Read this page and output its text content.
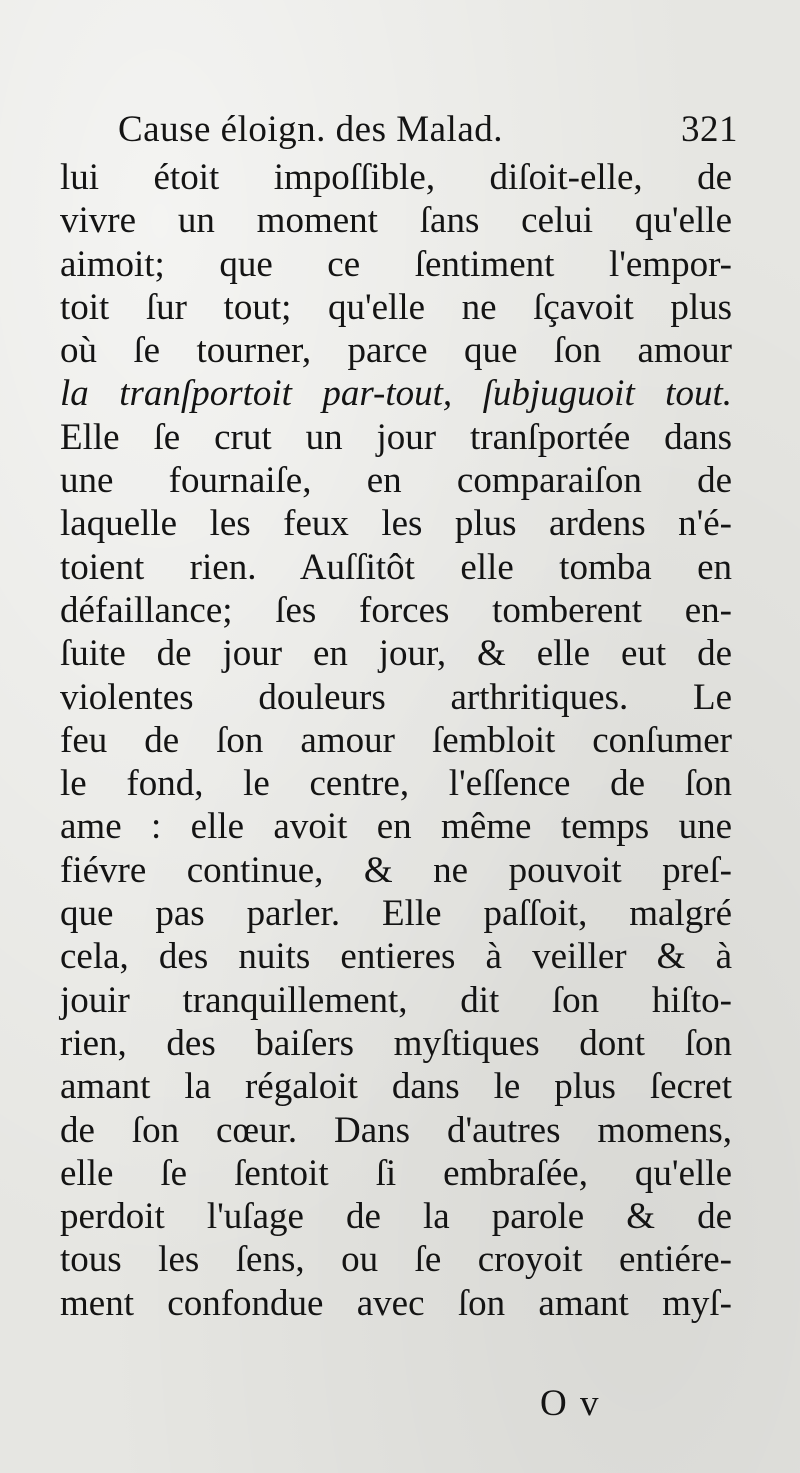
Cause éloign. des Malad.	321
lui étoit impoſſible, diſoit-elle, de
vivre un moment ſans celui qu'elle
aimoit; que ce ſentiment l'empor-
toit ſur tout; qu'elle ne ſçavoit plus
où ſe tourner, parce que ſon amour
la tranſportoit par-tout, ſubjuguoit tout.
Elle ſe crut un jour tranſportée dans
une fournaiſe, en comparaiſon de
laquelle les feux les plus ardens n'é-
toient rien. Auſſitôt elle tomba en
défaillance; ſes forces tomberent en-
ſuite de jour en jour, & elle eut de
violentes douleurs arthritiques. Le
feu de ſon amour ſembloit conſumer
le fond, le centre, l'eſſence de ſon
ame : elle avoit en même temps une
fiévre continue, & ne pouvoit preſ-
que pas parler. Elle paſſoit, malgré
cela, des nuits entieres à veiller & à
jouir tranquillement, dit ſon hiſto-
rien, des baiſers myſtiques dont ſon
amant la régaloit dans le plus ſecret
de ſon cœur. Dans d'autres momens,
elle ſe ſentoit ſi embraſée, qu'elle
perdoit l'uſage de la parole & de
tous les ſens, ou ſe croyoit entiére-
ment confondue avec ſon amant myſ-
O v
